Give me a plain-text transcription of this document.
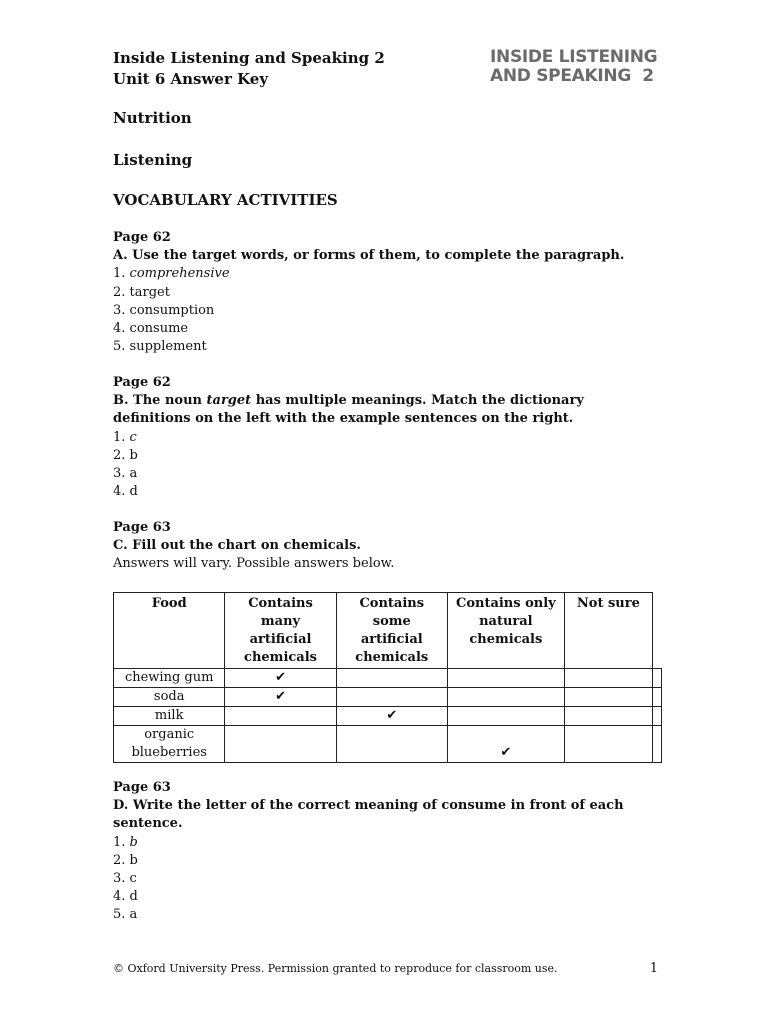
Inside Listening and Speaking 2
Unit 6 Answer Key
INSIDE LISTENING
AND SPEAKING  2
Nutrition
Listening
VOCABULARY ACTIVITIES
Page 62
A. Use the target words, or forms of them, to complete the paragraph.
1. comprehensive
2. target
3. consumption
4. consume
5. supplement
Page 62
B. The noun target has multiple meanings. Match the dictionary definitions on the left with the example sentences on the right.
1. c
2. b
3. a
4. d
Page 63
C. Fill out the chart on chemicals.
Answers will vary. Possible answers below.
Food	Contains many artificial chemicals	Contains some artificial chemicals	Contains only natural chemicals	Not sure	
chewing gum	✔				
soda	✔				
milk		✔			
organic blueberries			✔		
Page 63
D. Write the letter of the correct meaning of consume in front of each sentence.
1. b
2. b
3. c
4. d
5. a
© Oxford University Press. Permission granted to reproduce for classroom use.	1
